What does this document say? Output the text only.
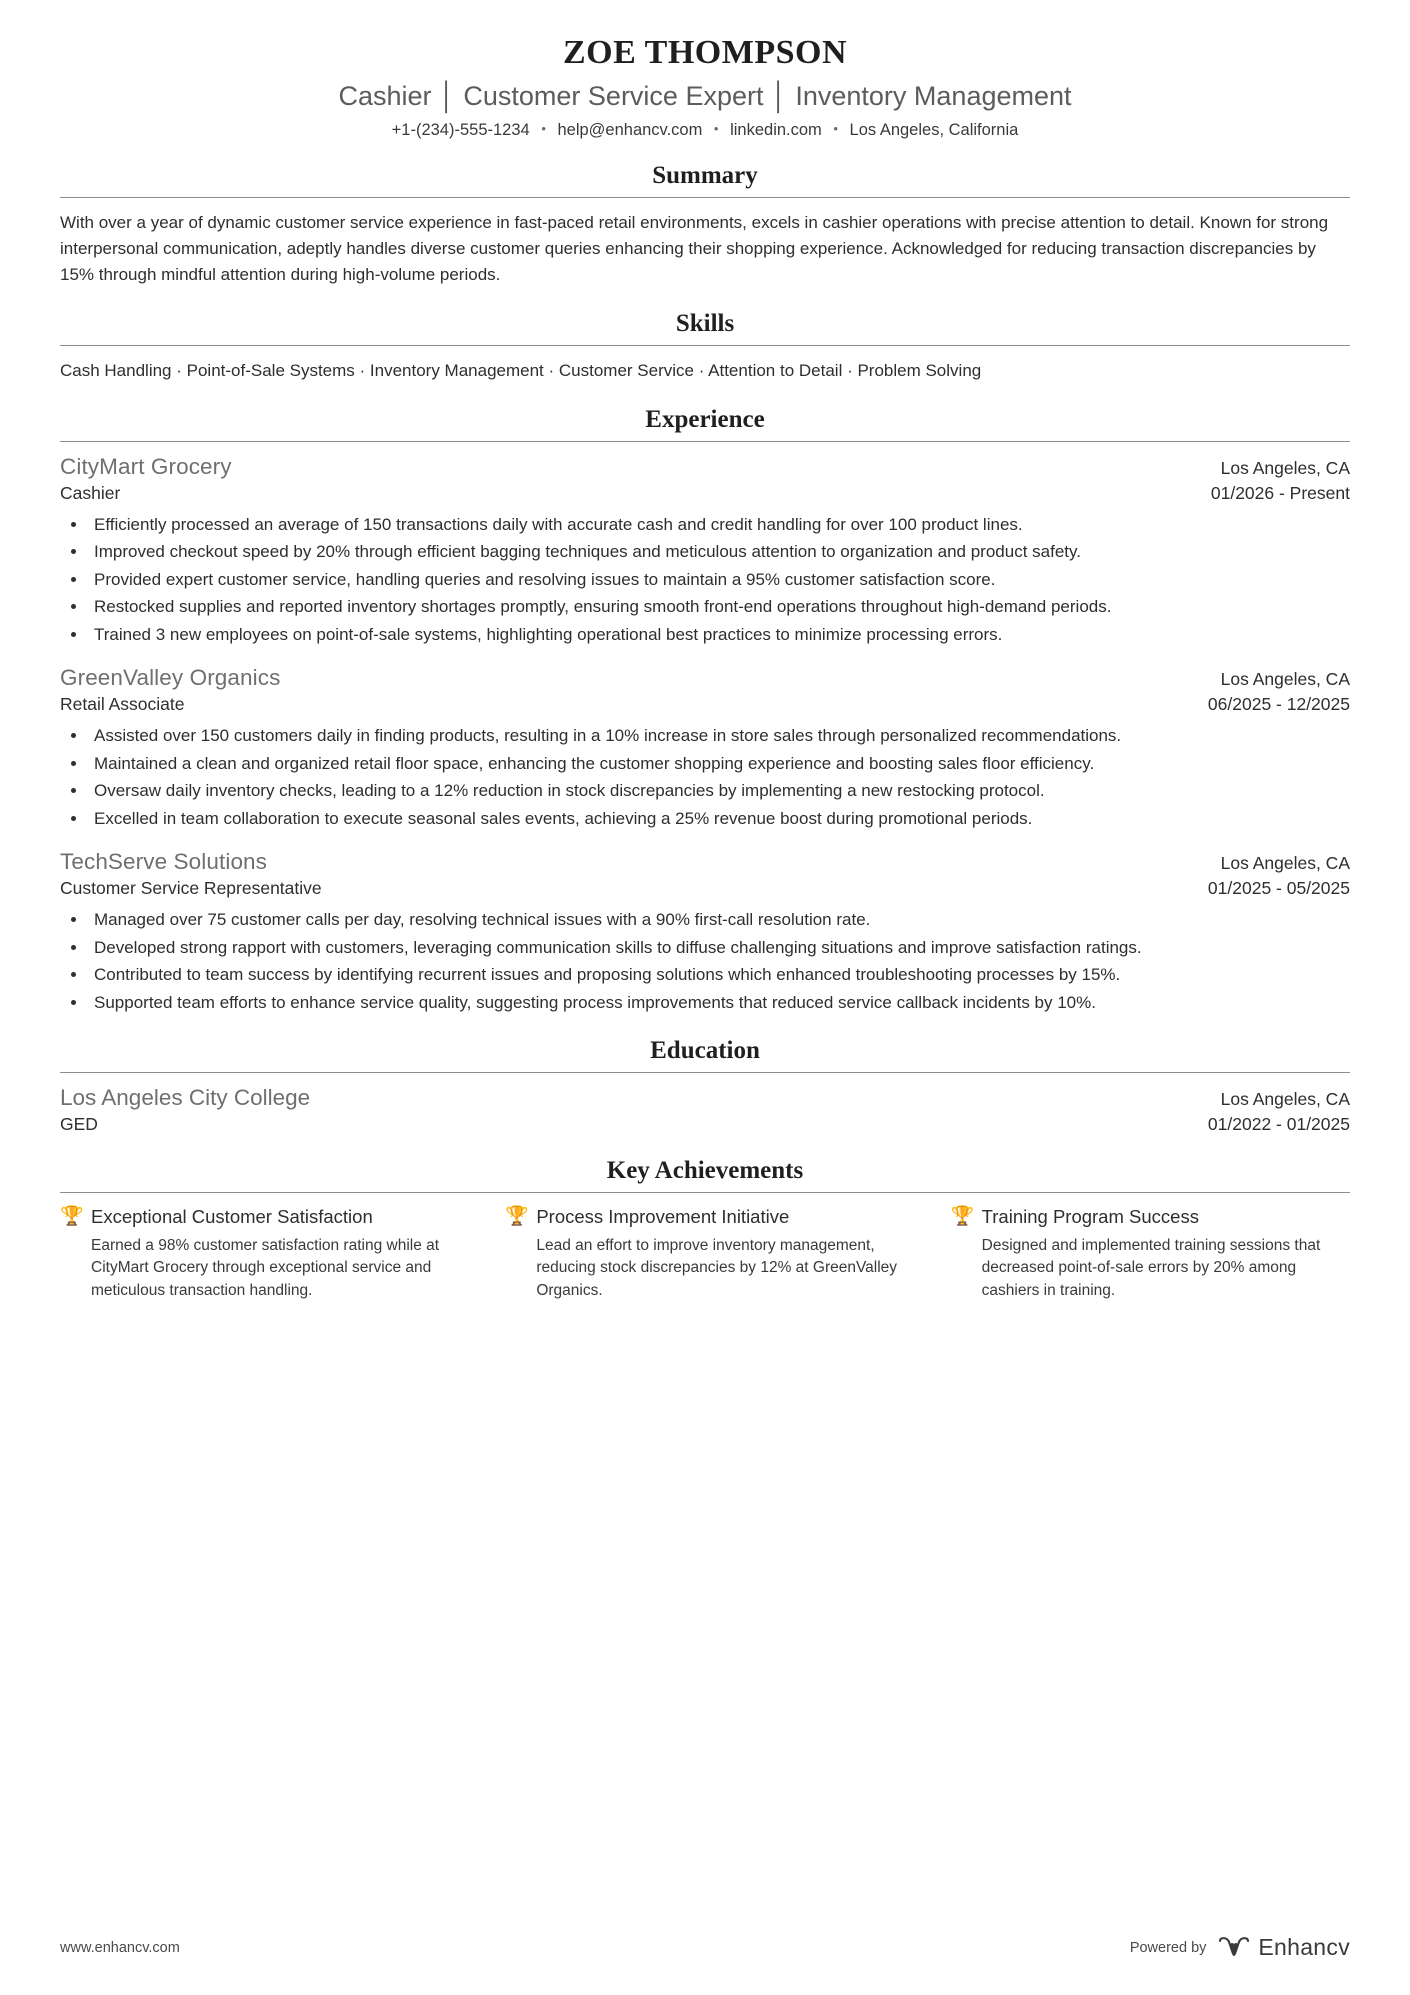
ZOE THOMPSON
Cashier │ Customer Service Expert │ Inventory Management
+1-(234)-555-1234 • help@enhancv.com • linkedin.com • Los Angeles, California
Summary
With over a year of dynamic customer service experience in fast-paced retail environments, excels in cashier operations with precise attention to detail. Known for strong interpersonal communication, adeptly handles diverse customer queries enhancing their shopping experience. Acknowledged for reducing transaction discrepancies by 15% through mindful attention during high-volume periods.
Skills
Cash Handling · Point-of-Sale Systems · Inventory Management · Customer Service · Attention to Detail · Problem Solving
Experience
CityMart Grocery	Los Angeles, CA
Cashier	01/2026 - Present
• Efficiently processed an average of 150 transactions daily with accurate cash and credit handling for over 100 product lines.
• Improved checkout speed by 20% through efficient bagging techniques and meticulous attention to organization and product safety.
• Provided expert customer service, handling queries and resolving issues to maintain a 95% customer satisfaction score.
• Restocked supplies and reported inventory shortages promptly, ensuring smooth front-end operations throughout high-demand periods.
• Trained 3 new employees on point-of-sale systems, highlighting operational best practices to minimize processing errors.
GreenValley Organics	Los Angeles, CA
Retail Associate	06/2025 - 12/2025
• Assisted over 150 customers daily in finding products, resulting in a 10% increase in store sales through personalized recommendations.
• Maintained a clean and organized retail floor space, enhancing the customer shopping experience and boosting sales floor efficiency.
• Oversaw daily inventory checks, leading to a 12% reduction in stock discrepancies by implementing a new restocking protocol.
• Excelled in team collaboration to execute seasonal sales events, achieving a 25% revenue boost during promotional periods.
TechServe Solutions	Los Angeles, CA
Customer Service Representative	01/2025 - 05/2025
• Managed over 75 customer calls per day, resolving technical issues with a 90% first-call resolution rate.
• Developed strong rapport with customers, leveraging communication skills to diffuse challenging situations and improve satisfaction ratings.
• Contributed to team success by identifying recurrent issues and proposing solutions which enhanced troubleshooting processes by 15%.
• Supported team efforts to enhance service quality, suggesting process improvements that reduced service callback incidents by 10%.
Education
Los Angeles City College	Los Angeles, CA
GED	01/2022 - 01/2025
Key Achievements
🏆 Exceptional Customer Satisfaction
Earned a 98% customer satisfaction rating while at CityMart Grocery through exceptional service and meticulous transaction handling.
🏆 Process Improvement Initiative
Lead an effort to improve inventory management, reducing stock discrepancies by 12% at GreenValley Organics.
🏆 Training Program Success
Designed and implemented training sessions that decreased point-of-sale errors by 20% among cashiers in training.
www.enhancv.com	Powered by Enhancv
